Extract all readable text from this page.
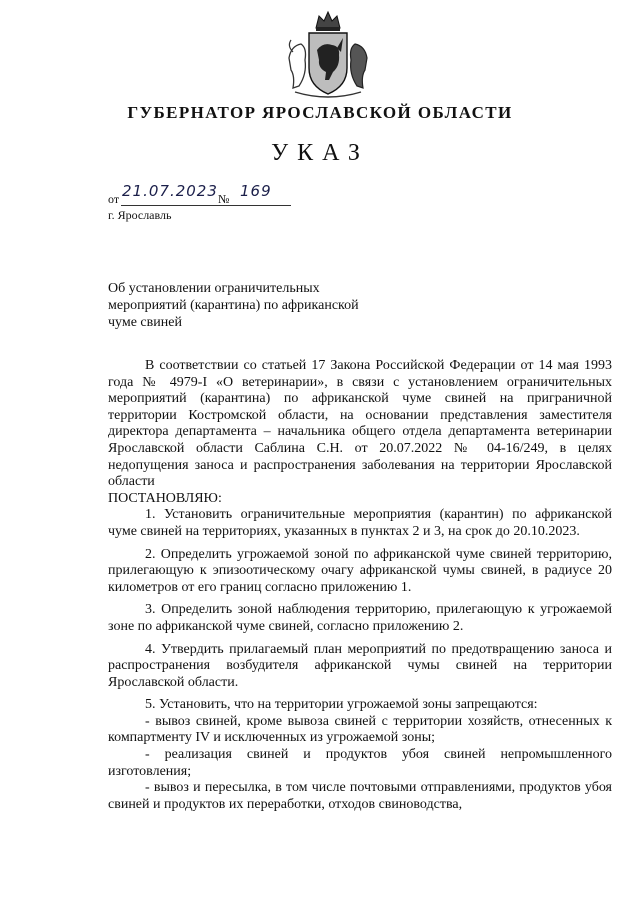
ГУБЕРНАТОР ЯРОСЛАВСКОЙ ОБЛАСТИ
УКАЗ
от 21.07.2023 № 169
г. Ярославль
Об установлении ограничительных мероприятий (карантина) по африканской чуме свиней

В соответствии со статьей 17 Закона Российской Федерации от 14 мая 1993 года № 4979-I «О ветеринарии», в связи с установлением ограничительных мероприятий (карантина) по африканской чуме свиней на приграничной территории Костромской области, на основании представления заместителя директора департамента – начальника общего отдела департамента ветеринарии Ярославской области Саблина С.Н. от 20.07.2022 № 04-16/249, в целях недопущения заноса и распространения заболевания на территории Ярославской области

ПОСТАНОВЛЯЮ:

1. Установить ограничительные мероприятия (карантин) по африканской чуме свиней на территориях, указанных в пунктах 2 и 3, на срок до 20.10.2023.

2. Определить угрожаемой зоной по африканской чуме свиней территорию, прилегающую к эпизоотическому очагу африканской чумы свиней, в радиусе 20 километров от его границ согласно приложению 1.

3. Определить зоной наблюдения территорию, прилегающую к угрожаемой зоне по африканской чуме свиней, согласно приложению 2.

4. Утвердить прилагаемый план мероприятий по предотвращению заноса и распространения возбудителя африканской чумы свиней на территории Ярославской области.

5. Установить, что на территории угрожаемой зоны запрещаются:

- вывоз свиней, кроме вывоза свиней с территории хозяйств, отнесенных к компартменту IV и исключенных из угрожаемой зоны;

- реализация свиней и продуктов убоя свиней непромышленного изготовления;

- вывоз и пересылка, в том числе почтовыми отправлениями, продуктов убоя свиней и продуктов их переработки, отходов свиноводства,
